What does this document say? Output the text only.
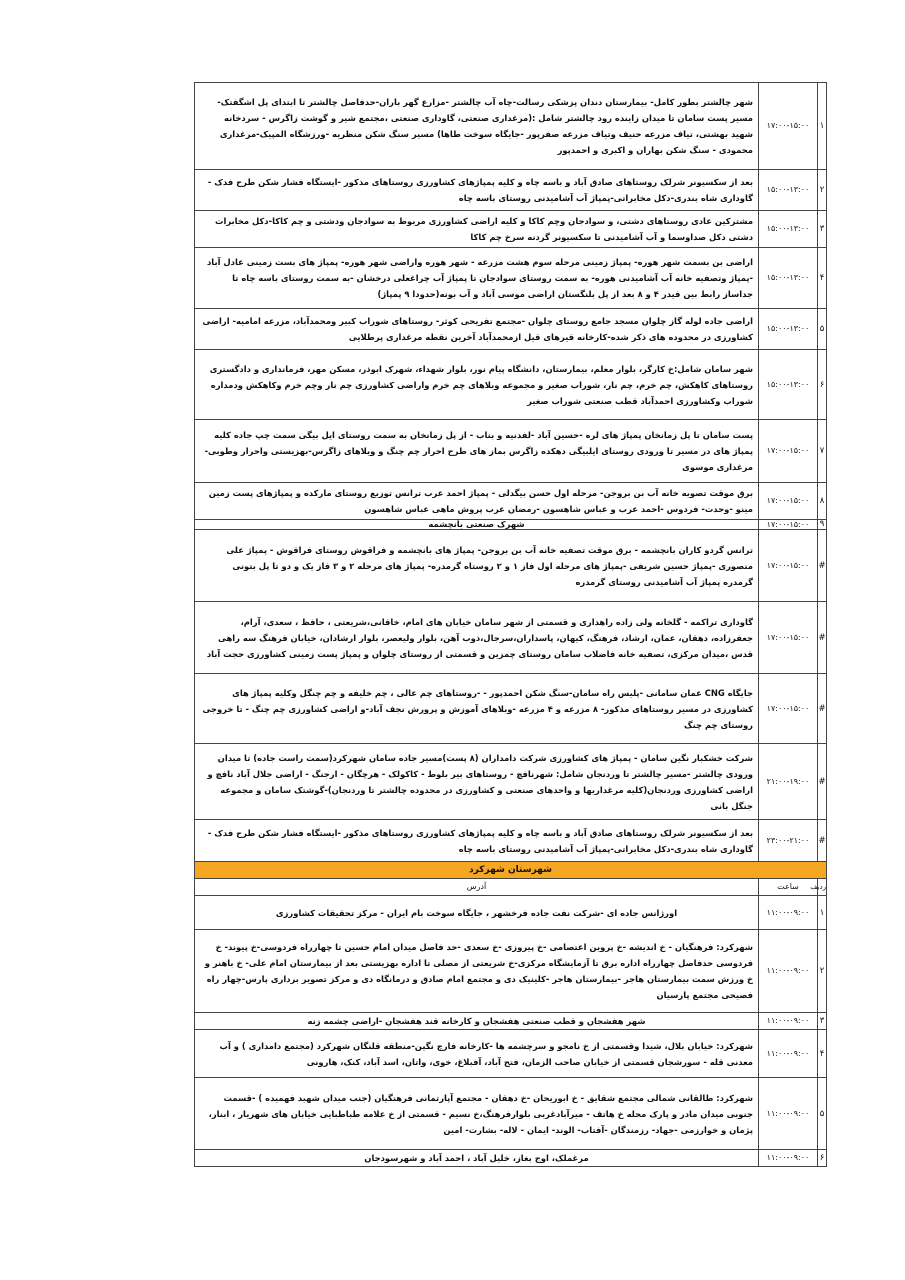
۱	۱۷:۰۰-۱۵:۰۰	شهر چالشتر بطور کامل- بیمارستان دندان پزشکی رسالت-چاه آب چالشتر -مزارع گهر باران-حدفاصل چالشتر تا ابتدای پل اشگفتک- مسیر پست سامان تا میدان زاینده رود چالشتر شامل :(مرغداری صنعتی، گاوداری صنعتی ،مجتمع شیر و گوشت زاگرس - سردخانه شهید بهشتی، تیاف مزرعه حنیف وتیاف مزرعه صفرپور -جایگاه سوخت طاها) مسیر سنگ شکن منظریه -ورزشگاه المپیک-مرغداری محمودی - سنگ شکن بهاران و اکبری و احمدپور
۲	۱۵:۰۰-۱۳:۰۰	بعد از سکسیونر شرلک روستاهای صادق آباد و باسه چاه و کلیه پمپاژهای کشاورزی روستاهای مذکور -ایستگاه فشار شکن طرح فدک - گاوداری شاه بندری-دکل مخابراتی-پمپاژ آب آشامیدنی روستای باسه چاه
۳	۱۵:۰۰-۱۳:۰۰	مشترکین عادی روستاهای دشتی، و سوادجان وچم کاکا و کلیه اراضی کشاورزی مربوط به سوادجان ودشتی و چم کاکا-دکل مخابرات دشتی دکل صداوسما و آب آشامیدنی تا سکسیونر گردنه سرخ چم کاکا
۴	۱۵:۰۰-۱۳:۰۰	اراضی بن بسمت شهر هوره- پمپاژ زمینی مرحله سوم هشت مزرعه - شهر هوره واراضی شهر هوره- پمپاژ های بست زمینی عادل آباد -پمپاژ وتصفیه خانه آب آشامیدنی هوره- به سمت روستای سوادجان تا پمپاژ آب چراغعلی درخشان -به سمت روستای باسه چاه تا جداساز رابط بین فیدر ۴ و ۸ بعد از پل بلنگستان اراضی موسی آباد و آب بونه(حدودا ۹ پمپاژ)
۵	۱۵:۰۰-۱۳:۰۰	اراضی جاده لوله گاز چلوان مسجد جامع روستای چلوان -مجتمع تفریحی کوثر- روستاهای شوراب کبیر ومحمدآباد، مزرعه امامیه- اراضی کشاورزی در محدوده های ذکر شده-کارخانه قیرهای قیل ازمحمدآباد آخرین نقطه مرغداری پرطلایی
۶	۱۵:۰۰-۱۳:۰۰	شهر سامان شامل:خ کارگر، بلوار معلم، بیمارستان، دانشگاه پیام نور، بلوار شهداء، شهرک ابوذر، مسکن مهر، فرمانداری و دادگستری روستاهای کاهکش، چم خرم، چم نار، شوراب صغیر و مجموعه وبلاهای چم خرم واراضی کشاورزی چم نار وچم خرم وکاهکش ودمداره شوراب وکشاورزی احمدآباد قطب صنعتی شوراب صغیر
۷	۱۷:۰۰-۱۵:۰۰	پست سامان تا پل زمانخان پمپاژ های لره -حسین آباد -لفدنیه و بناب - از پل زمانخان به سمت روستای ایل بیگی سمت چپ جاده کلیه پمپاژ های در مسیر تا ورودی روستای ایلبیگی دهکده زاگرس بماز های طرح احرار چم چنگ و ویلاهای زاگرس-بهزیستی واحرار وطوبی- مرغداری موسوی
۸	۱۷:۰۰-۱۵:۰۰	برق موقت تصویه خانه آب بن بروجن- مرحله اول حسن بیگدلی - پمپاژ احمد عرب ترانس توزیع روستای مارکده و پمپاژهای پست زمین مینو -وحدت- فردوس -احمد عرب و عباس شاهسون -رمضان عرب پروش ماهی عباس شاهسون
۹	۱۷:۰۰-۱۵:۰۰	شهرک صنعتی بانچشمه
#	۱۷:۰۰-۱۵:۰۰	ترانس گردو کاران بانچشمه - برق موقت تصفیه خانه آب بن بروجن- پمپاژ های بانچشمه و فراقوش روستای فراقوش - پمپاژ علی منصوری -پمپاژ حسین شریفی -پمپاژ های مرحله اول فاز ۱ و ۲ روستاه گرمدره- پمپاژ های مرحله ۲ و ۳ فاز یک و دو تا پل بتونی گرمدره پمپاژ آب آشامیدنی روستای گرمدره
#	۱۷:۰۰-۱۵:۰۰	گاوداری تراکمه - گلخانه ولی زاده راهداری و قسمتی از شهر سامان خیابان های امام، خاقانی،شریعتی ، حافظ ، سعدی، آرام، جعفرزاده، دهقان، عمان، ارشاد، فرهنگ، کیهان، پاسداران،سرجال،ذوب آهن، بلوار ولیعصر، بلوار ارشادان، خیابان فرهنگ سه راهی قدس ،میدان مرکزی، تصفیه خانه فاضلاب سامان روستای چمزین و قسمتی از روستای چلوان و پمپاژ پست زمینی کشاورزی حجت آباد
#	۱۷:۰۰-۱۵:۰۰	جایگاه CNG عمان سامانی -پلیس راه سامان-سنگ شکن احمدپور - -روستاهای چم عالی ، چم خلیفه و چم چنگل وکلیه پمپاژ های کشاورزی در مسیر روستاهای مذکور- ۸ مزرعه و ۴ مزرعه -وبلاهای آموزش و پرورش نجف آباد-و اراضی کشاورزی چم چنگ - تا خروجی روستای چم چنگ
#	۲۱:۰۰-۱۹:۰۰	شرکت خشکبار نگین سامان - پمپاژ های کشاورزی شرکت دامداران (۸ پست)مسیر جاده سامان شهرکرد(سمت راست جاده) تا میدان ورودی چالشتر -مسیر چالشتر تا وردنجان شامل: شهرنافچ - روستاهای بیر بلوط - کاکولک - هرچگان - ارجنگ - اراضی جلال آباد نافچ و اراضی کشاورزی وردنجان(کلیه مرغداریها و واحدهای صنعتی و کشاورزی در محدوده چالشتر تا وردنجان)-گوشتک سامان و مجموعه جنگل بانی
#	۲۳:۰۰-۲۱:۰۰	بعد از سکسیونر شرلک روستاهای صادق آباد و باسه چاه و کلیه پمپاژهای کشاورزی روستاهای مذکور -ایستگاه فشار شکن طرح فدک - گاوداری شاه بندری-دکل مخابراتی-پمپاژ آب آشامیدنی روستای باسه چاه
شهرستان شهرکرد		
ردیف	ساعت	آدرس
۱	۱۱:۰۰-۰۹:۰۰	اورژانس جاده ای -شرکت نفت جاده فرخشهر ، جایگاه سوخت بام ایران - مرکز تحقیقات کشاورزی
۲	۱۱:۰۰-۰۹:۰۰	شهرکرد: فرهنگیان - خ اندیشه -خ پروین اعتصامی -خ پیروزی -خ سعدی -حد فاصل میدان امام حسین تا چهارراه فردوسی-خ پیوند- خ فردوسی حدفاصل چهارراه اداره برق تا آزمایشگاه مرکزی-خ شریعتی از مصلی تا اداره بهزیستی بعد از بیمارستان امام علی- خ باهنر و خ ورزش سمت بیمارستان هاجر -بیمارستان هاجر -کلینیک دی و مجتمع امام صادق و درمانگاه دی و مرکز تصویر برداری پارس-چهار راه فصیحی مجتمع پارسیان
۳	۱۱:۰۰-۰۹:۰۰	شهر هفشجان و قطب صنعتی هفشجان و کارخانه قند هفشجان -اراضی چشمه زنه
۴	۱۱:۰۰-۰۹:۰۰	شهرکرد: خیابان بلال، شیدا وقسمتی از خ نامجو و سرچشمه ها -کارخانه فارچ نگین-منطقه قلنگان شهرکرد (مجتمع دامداری ) و آب معدنی قله - سورشجان قسمتی از خیابان صاحب الزمان، فتح آباد، آفبلاغ، خوی، واتان، اسد آباد، کنک، هارونی
۵	۱۱:۰۰-۰۹:۰۰	شهرکرد: طالقانی شمالی مجتمع شقایق - خ ابوریحان -خ دهقان - مجتمع آپارتمانی فرهنگیان (جنب میدان شهید فهمیده ) -قسمت جنوبی میدان مادر و پارک محله خ هاتف - میرآبادغربی بلوارفرهنگ،خ نسیم - قسمتی از خ علامه طباطبایی خیابان های شهریار ، ابنار، پژمان و خوارزمی -جهاد- رزمندگان -آفتاب- الوند- ایمان - لاله- بشارت- امین
۶	۱۱:۰۰-۰۹:۰۰	مرغملک، اوج بغاز، خلیل آباد ، احمد آباد و شهرسودجان
